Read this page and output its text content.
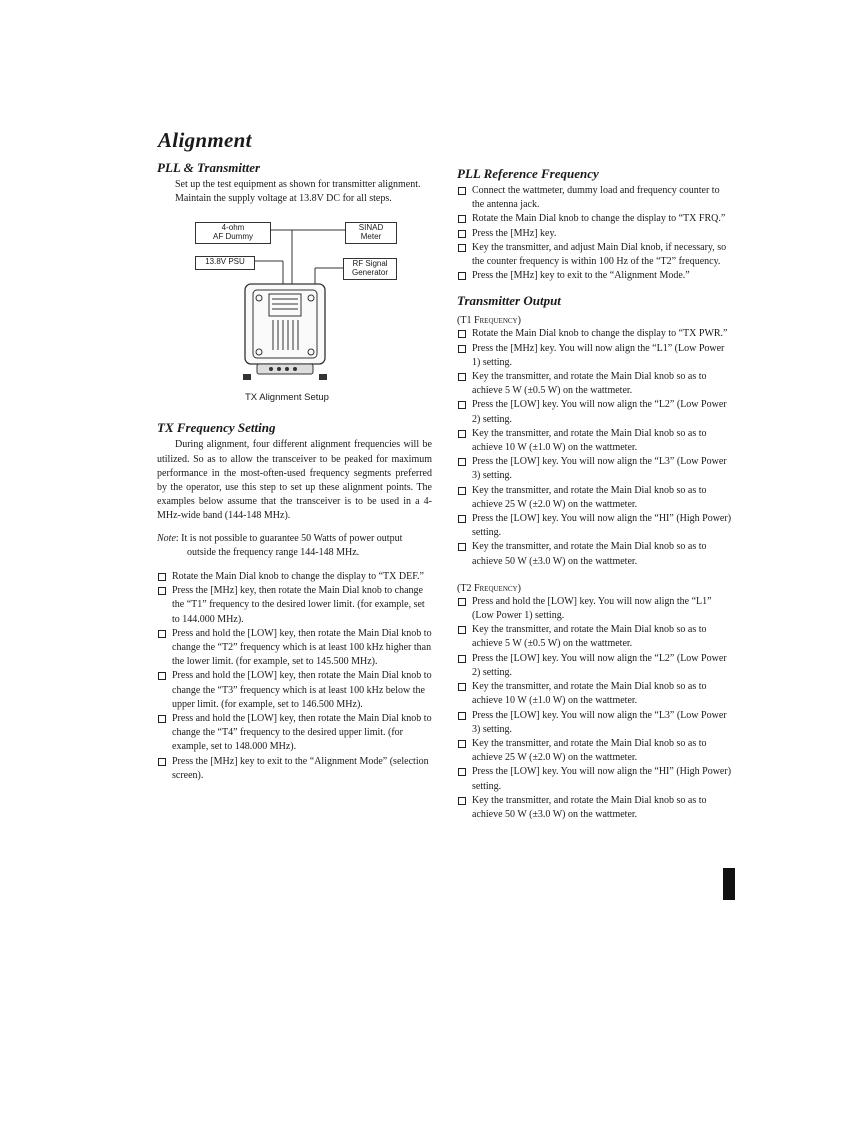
Alignment
PLL & Transmitter

Set up the test equipment as shown for transmitter alignment.

Maintain the supply voltage at 13.8V DC for all steps.

4-ohm
AF Dummy
SINAD
Meter
13.8V PSU	RF Signal
Generator
TX Alignment Setup
TX Frequency Setting

During alignment, four different alignment frequencies will be utilized. So as to allow the transceiver to be peaked for maximum performance in the most-often-used frequency segments preferred by the operator, use this step to set up these alignment points. The examples below assume that the transceiver is to be used in a 4-MHz-wide band (144-148 MHz).

Note: It is not possible to guarantee 50 Watts of power output outside the frequency range 144-148 MHz.
Rotate the Main Dial knob to change the display to “TX DEF.”
Press the [MHz] key, then rotate the Main Dial knob to change the “T1” frequency to the desired lower limit. (for example, set to 144.000 MHz).
Press and hold the [LOW] key, then rotate the Main Dial knob to change the “T2” frequency which is at least 100 kHz higher than the lower limit. (for example, set to 145.500 MHz).
Press and hold the [LOW] key, then rotate the Main Dial knob to change the “T3” frequency which is at least 100 kHz below the upper limit. (for example, set to 146.500 MHz).
Press and hold the [LOW] key, then rotate the Main Dial knob to change the “T4” frequency to the desired upper limit. (for example, set to 148.000 MHz).
Press the [MHz] key to exit to the “Alignment Mode” (selection screen).
PLL Reference Frequency
Connect the wattmeter, dummy load and frequency counter to the antenna jack.
Rotate the Main Dial knob to change the display to “TX FRQ.”
Press the [MHz] key.
Key the transmitter, and adjust Main Dial knob, if necessary, so the counter frequency is within 100 Hz of the “T2” frequency.
Press the [MHz] key to exit to the “Alignment Mode.”
Transmitter Output
(T1 Frequency)
Rotate the Main Dial knob to change the display to “TX PWR.”
Press the [MHz] key. You will now align the “L1” (Low Power 1) setting.
Key the transmitter, and rotate the Main Dial knob so as to achieve 5 W (±0.5 W) on the wattmeter.
Press the [LOW] key. You will now align the “L2” (Low Power 2) setting.
Key the transmitter, and rotate the Main Dial knob so as to achieve 10 W (±1.0 W) on the wattmeter.
Press the [LOW] key. You will now align the “L3” (Low Power 3) setting.
Key the transmitter, and rotate the Main Dial knob so as to achieve 25 W (±2.0 W) on the wattmeter.
Press the [LOW] key. You will now align the “HI” (High Power) setting.
Key the transmitter, and rotate the Main Dial knob so as to achieve 50 W (±3.0 W) on the wattmeter.
(T2 Frequency)
Press and hold the [LOW] key. You will now align the “L1” (Low Power 1) setting.
Key the transmitter, and rotate the Main Dial knob so as to achieve 5 W (±0.5 W) on the wattmeter.
Press the [LOW] key. You will now align the “L2” (Low Power 2) setting.
Key the transmitter, and rotate the Main Dial knob so as to achieve 10 W (±1.0 W) on the wattmeter.
Press the [LOW] key. You will now align the “L3” (Low Power 3) setting.
Key the transmitter, and rotate the Main Dial knob so as to achieve 25 W (±2.0 W) on the wattmeter.
Press the [LOW] key. You will now align the “HI” (High Power) setting.
Key the transmitter, and rotate the Main Dial knob so as to achieve 50 W (±3.0 W) on the wattmeter.
